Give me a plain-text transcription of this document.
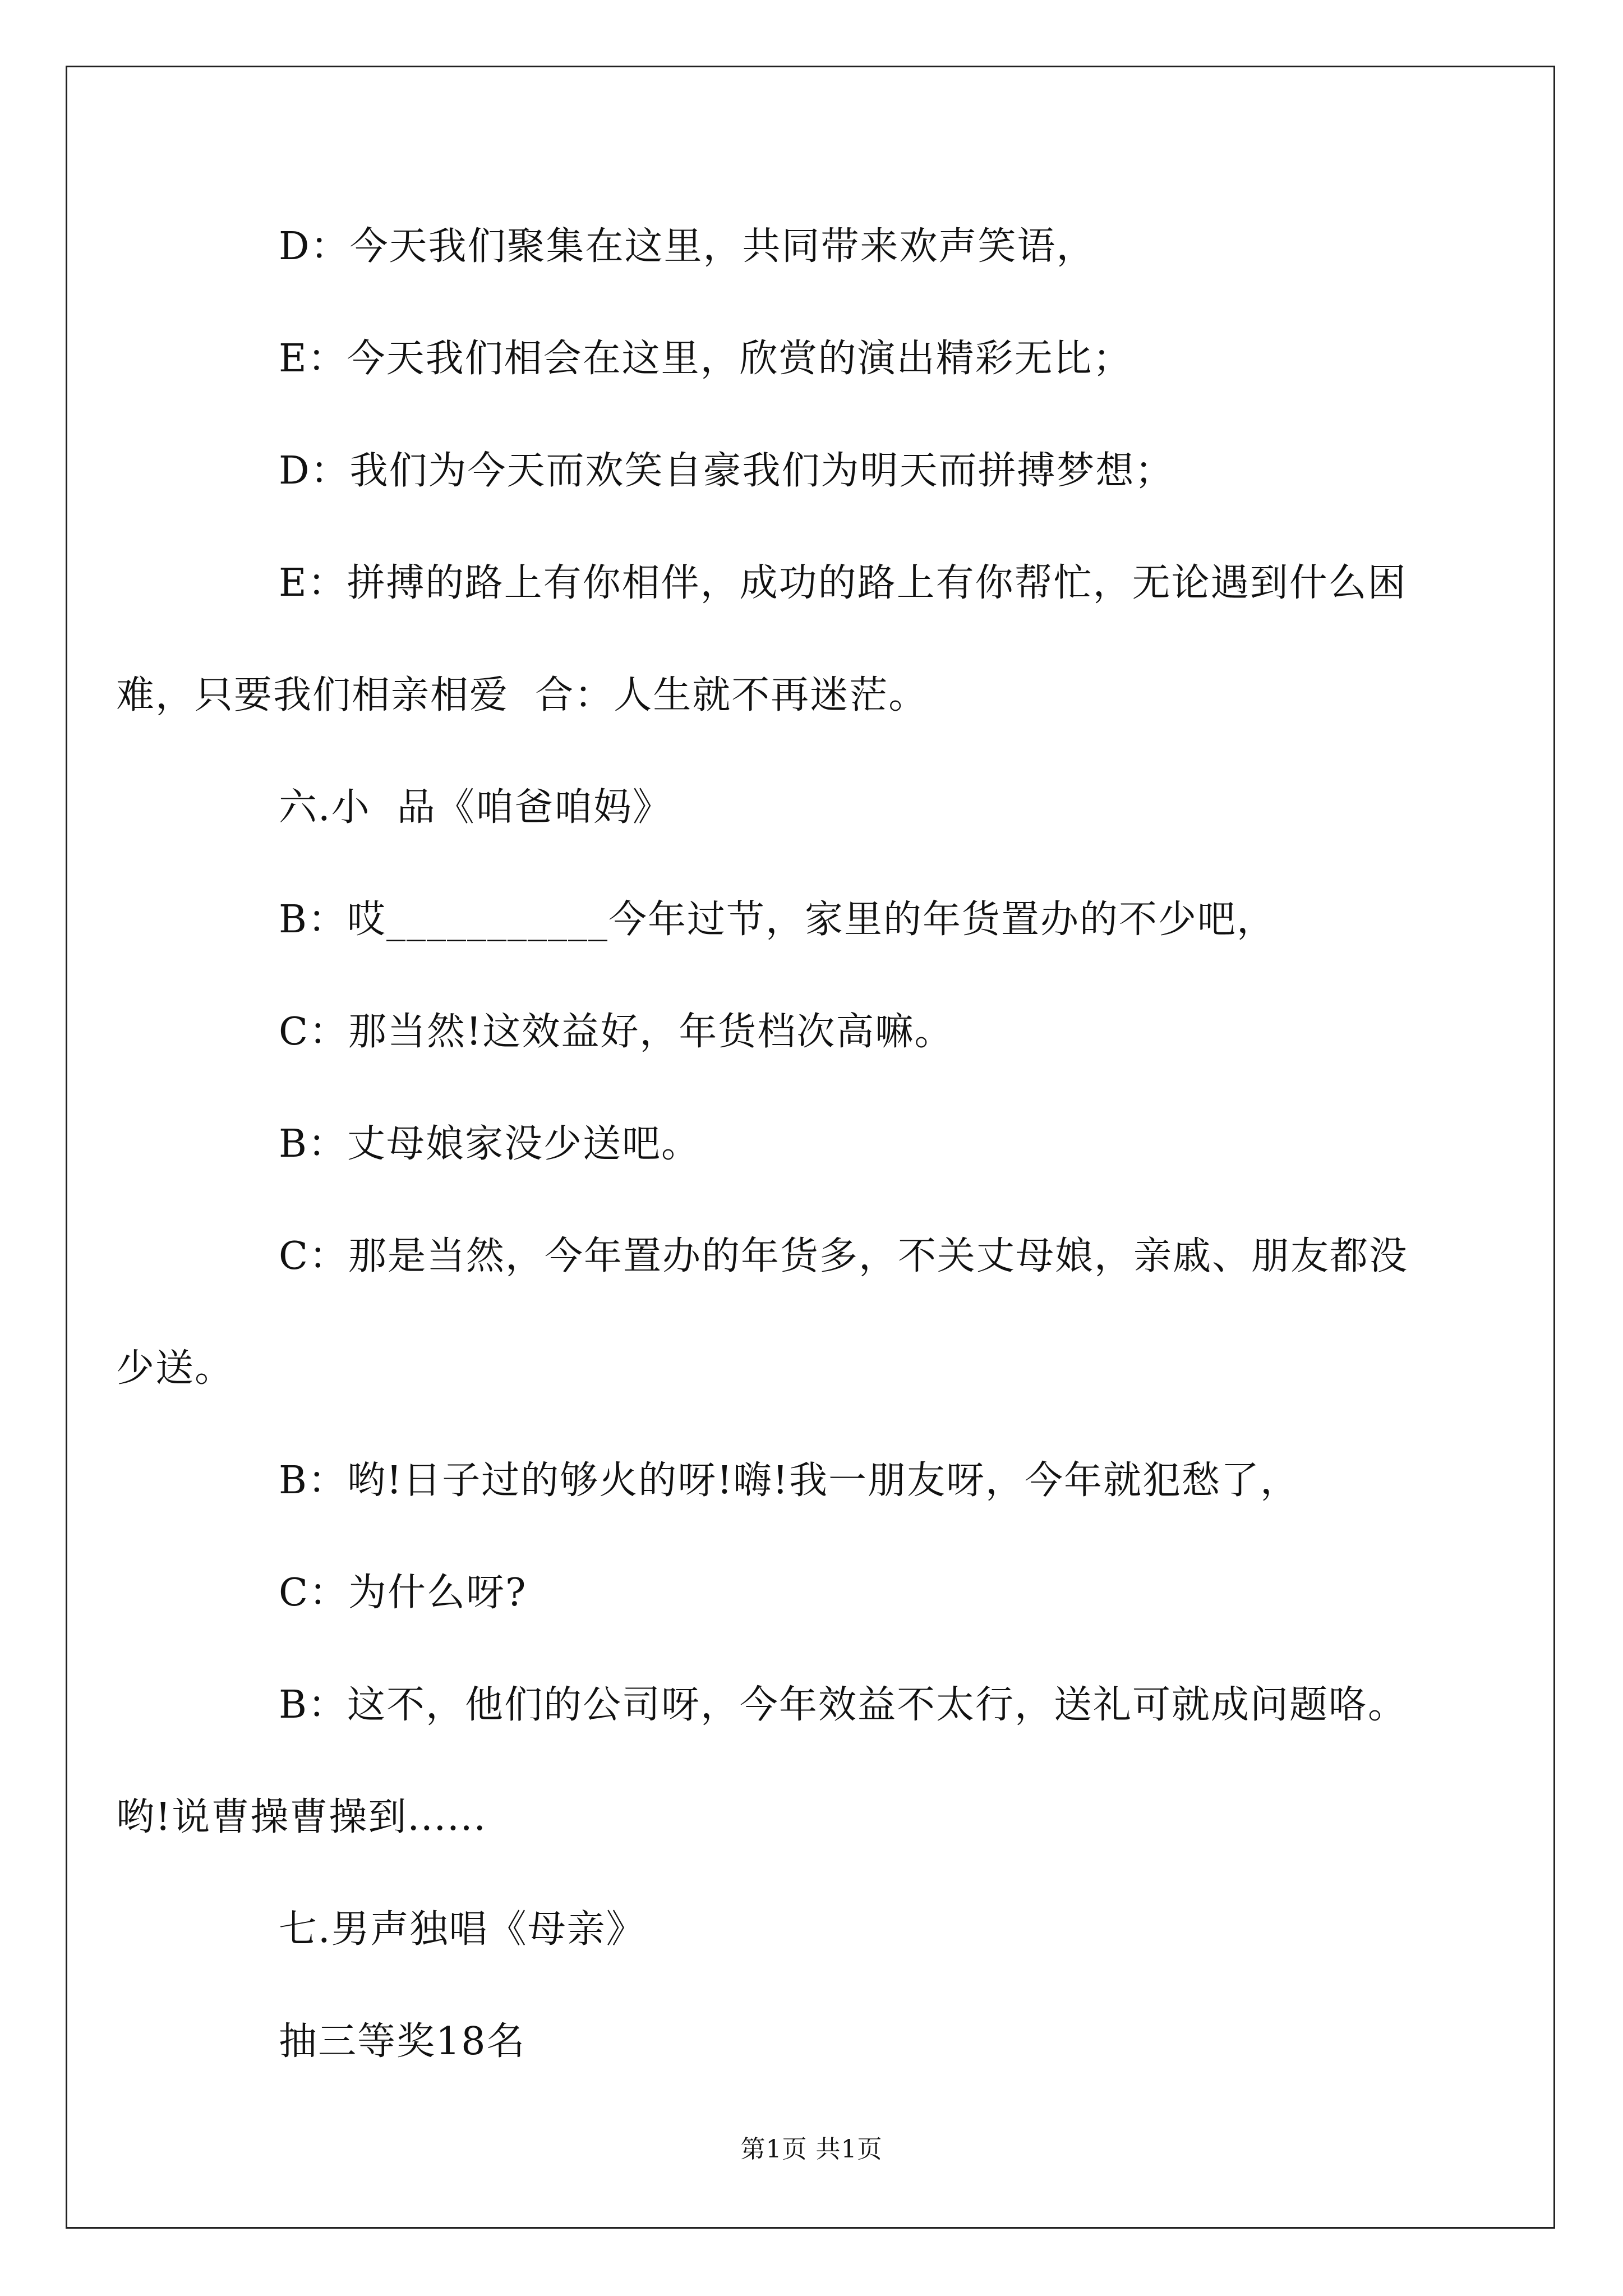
D：今天我们聚集在这里，共同带来欢声笑语，

E：今天我们相会在这里，欣赏的演出精彩无比；

D：我们为今天而欢笑自豪我们为明天而拼搏梦想；

E：拼搏的路上有你相伴，成功的路上有你帮忙，无论遇到什么困
难，只要我们相亲相爱  合：人生就不再迷茫。

六.小  品《咱爸咱妈》

B：哎___________今年过节，家里的年货置办的不少吧，

C：那当然!这效益好，年货档次高嘛。

B：丈母娘家没少送吧。

C：那是当然，今年置办的年货多，不关丈母娘，亲戚、朋友都没
少送。

B：哟!日子过的够火的呀!嗨!我一朋友呀，今年就犯愁了，

C：为什么呀?

B：这不，他们的公司呀，今年效益不太行，送礼可就成问题咯。
哟!说曹操曹操到......

七.男声独唱《母亲》

抽三等奖18名

第1页 共1页
